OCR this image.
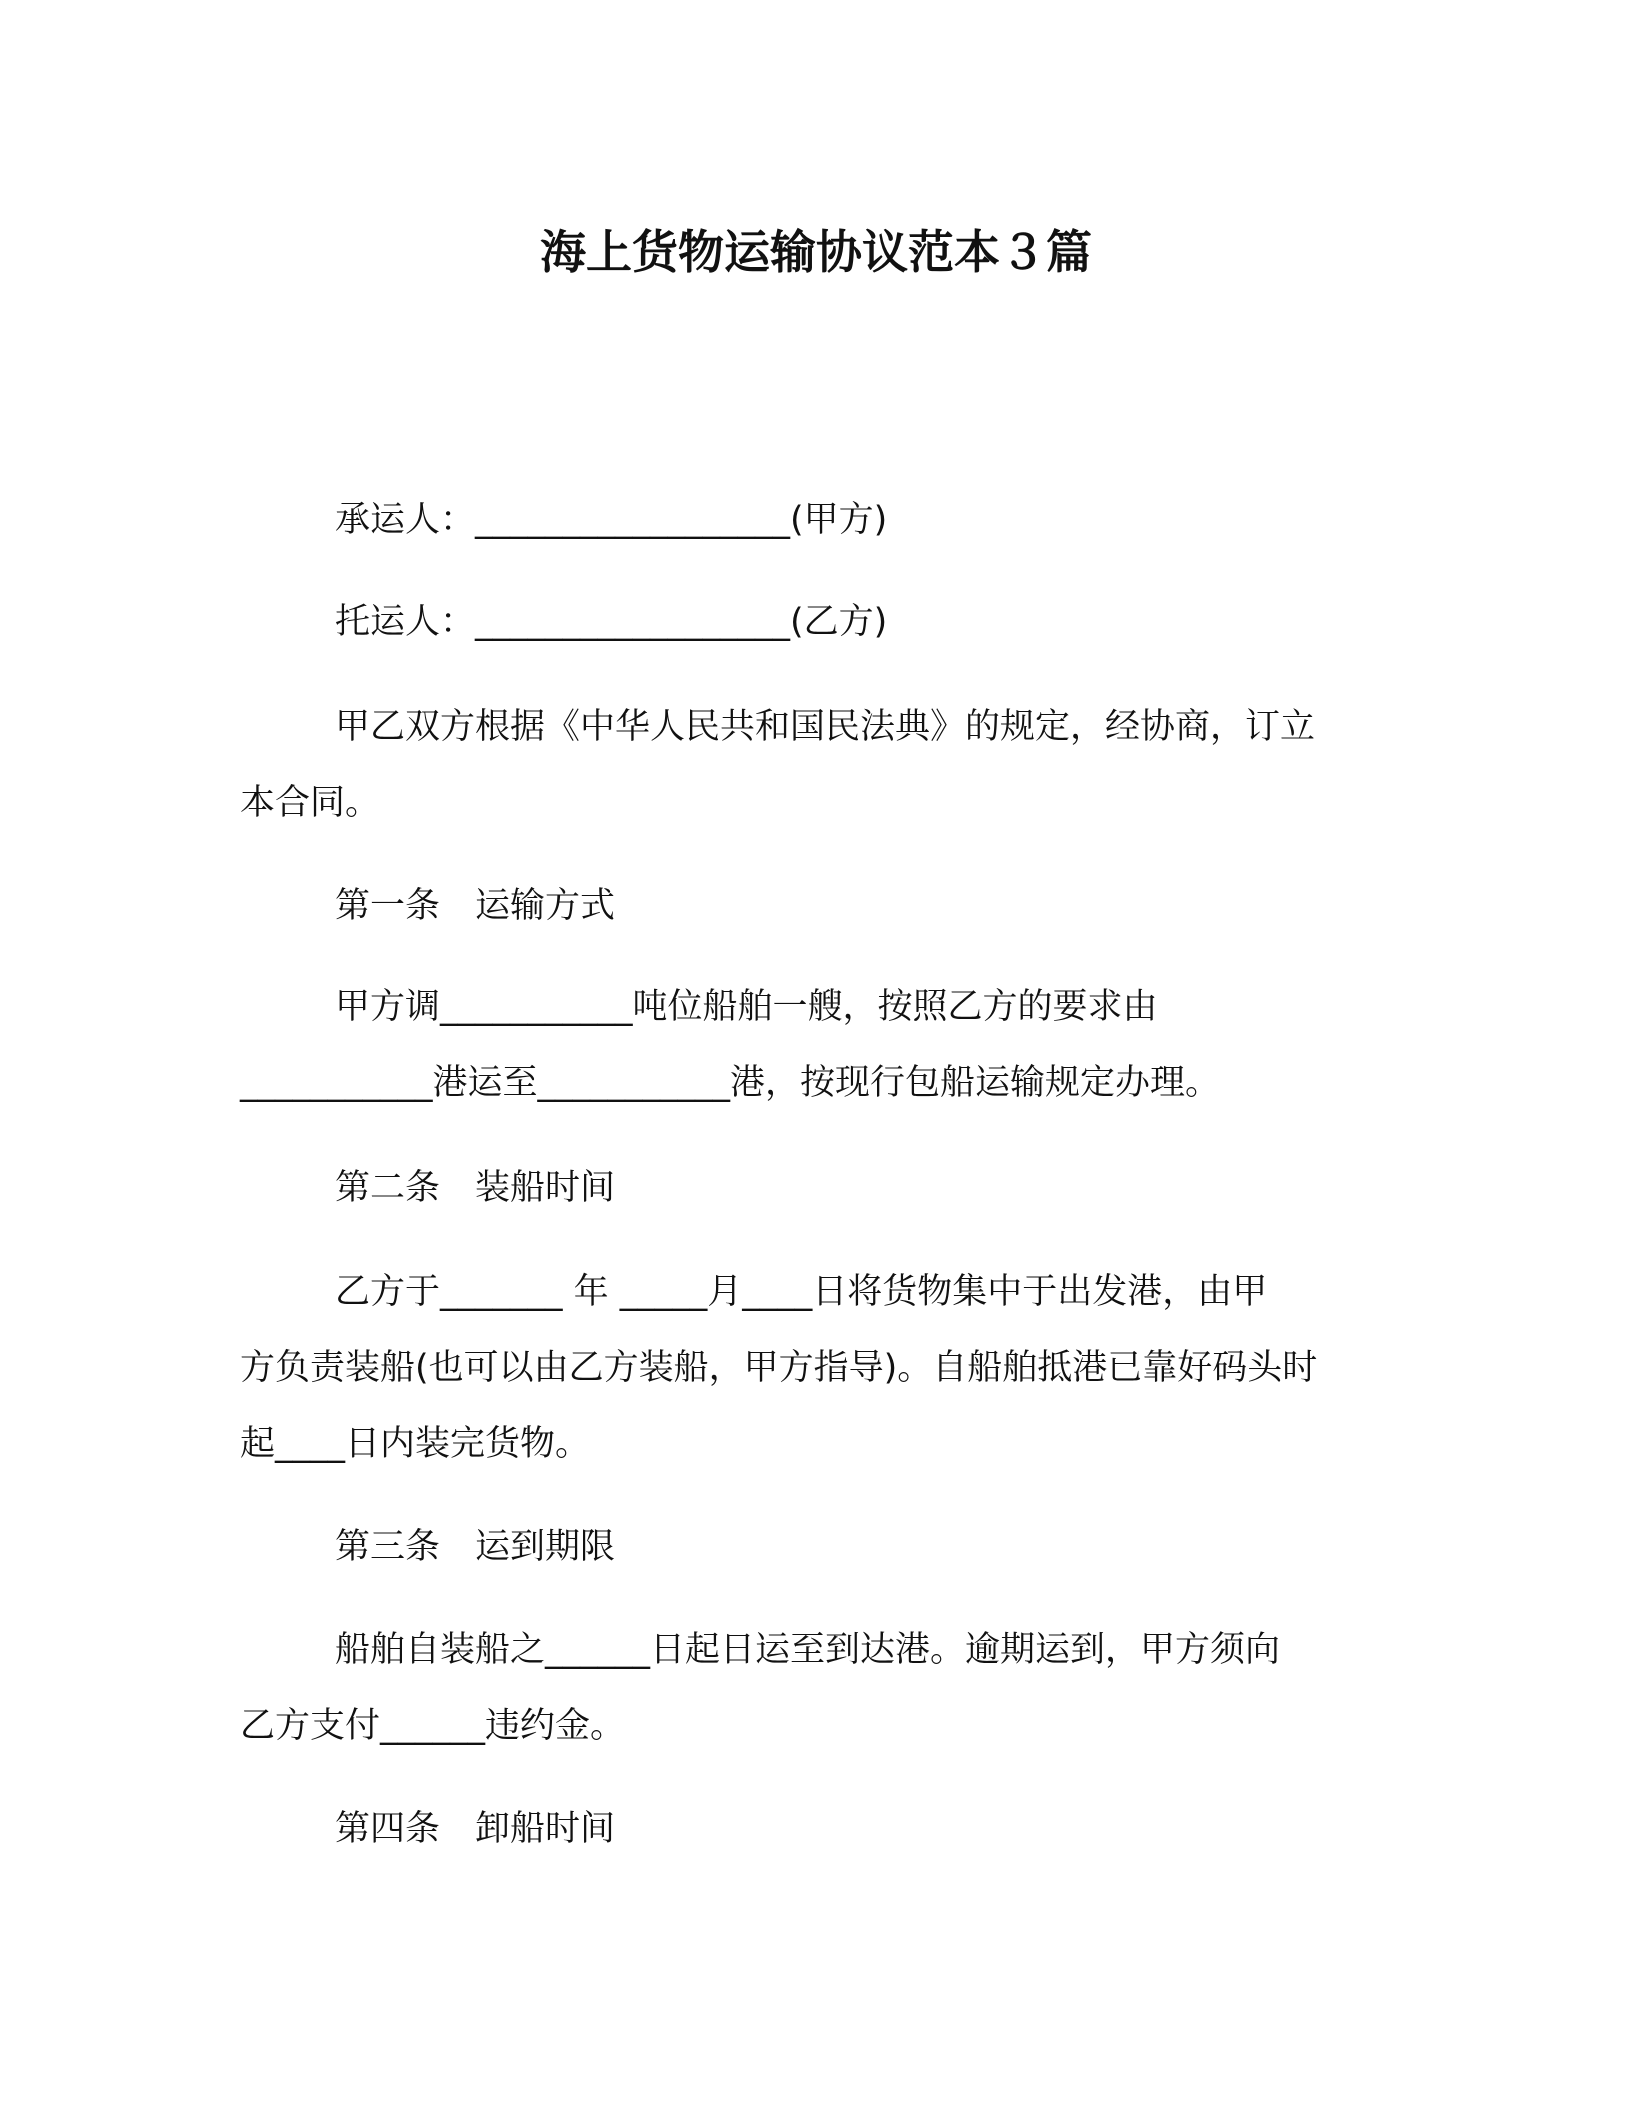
海上货物运输协议范本３篇
承运人：__________________(甲方)
托运人：__________________(乙方)
甲乙双方根据《中华人民共和国民法典》的规定，经协商，订立
本合同。
第一条　运输方式
甲方调___________吨位船舶一艘，按照乙方的要求由
___________港运至___________港，按现行包船运输规定办理。
第二条　装船时间
乙方于_______ 年 _____月____日将货物集中于出发港，由甲
方负责装船(也可以由乙方装船，甲方指导)。自船舶抵港已靠好码头时
起____日内装完货物。
第三条　运到期限
船舶自装船之______日起日运至到达港。逾期运到，甲方须向
乙方支付______违约金。
第四条　卸船时间
